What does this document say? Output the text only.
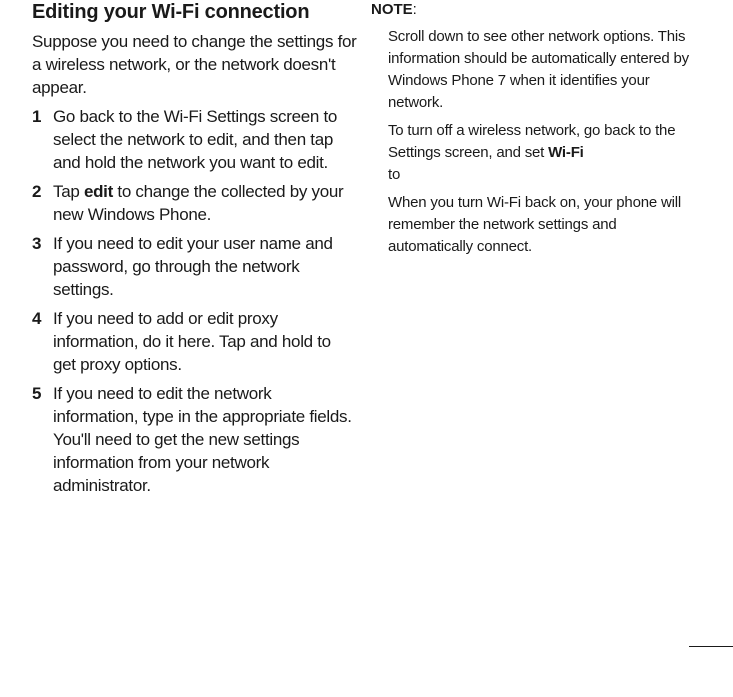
Editing your Wi-Fi connection

Suppose you need to change the settings for a wireless network, or the network doesn't appear.

1 Go back to the Wi-Fi Settings screen to select the network to edit, and then tap and hold the network you want to edit.
2 Tap edit to change the collected by your new Windows Phone.
3 If you need to edit your user name and password, go through the network settings.
4 If you need to add or edit proxy information, do it here. Tap and hold to get proxy options.
5 If you need to edit the network information, type in the appropriate fields. You'll need to get the new settings information from your network administrator.

NOTE:

Scroll down to see other network options. This information should be automatically entered by Windows Phone 7 when it identifies your network.

To turn off a wireless network, go back to the Settings screen, and set Wi-Fi
to

When you turn Wi-Fi back on, your phone will remember the network settings and automatically connect.
